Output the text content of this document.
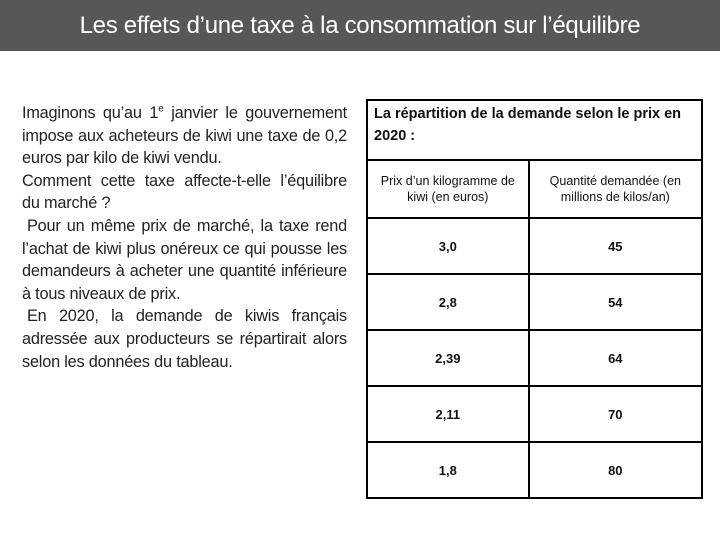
Les effets d’une taxe à la consommation sur l’équilibre

Imaginons qu’au 1e janvier le gouvernement impose aux acheteurs de kiwi une taxe de 0,2 euros par kilo de kiwi vendu.

Comment cette taxe affecte-t-elle l’équilibre du marché ?

Pour un même prix de marché, la taxe rend l’achat de kiwi plus onéreux ce qui pousse les demandeurs à acheter une quantité inférieure à tous niveaux de prix.

En 2020, la demande de kiwis français adressée aux producteurs se répartirait alors selon les données du tableau.

La répartition de la demande selon le prix en 2020 :	
Prix d’un kilogramme de kiwi (en euros)	Quantité demandée (en millions de kilos/an)
3,0	45
2,8	54
2,39	64
2,11	70
1,8	80
